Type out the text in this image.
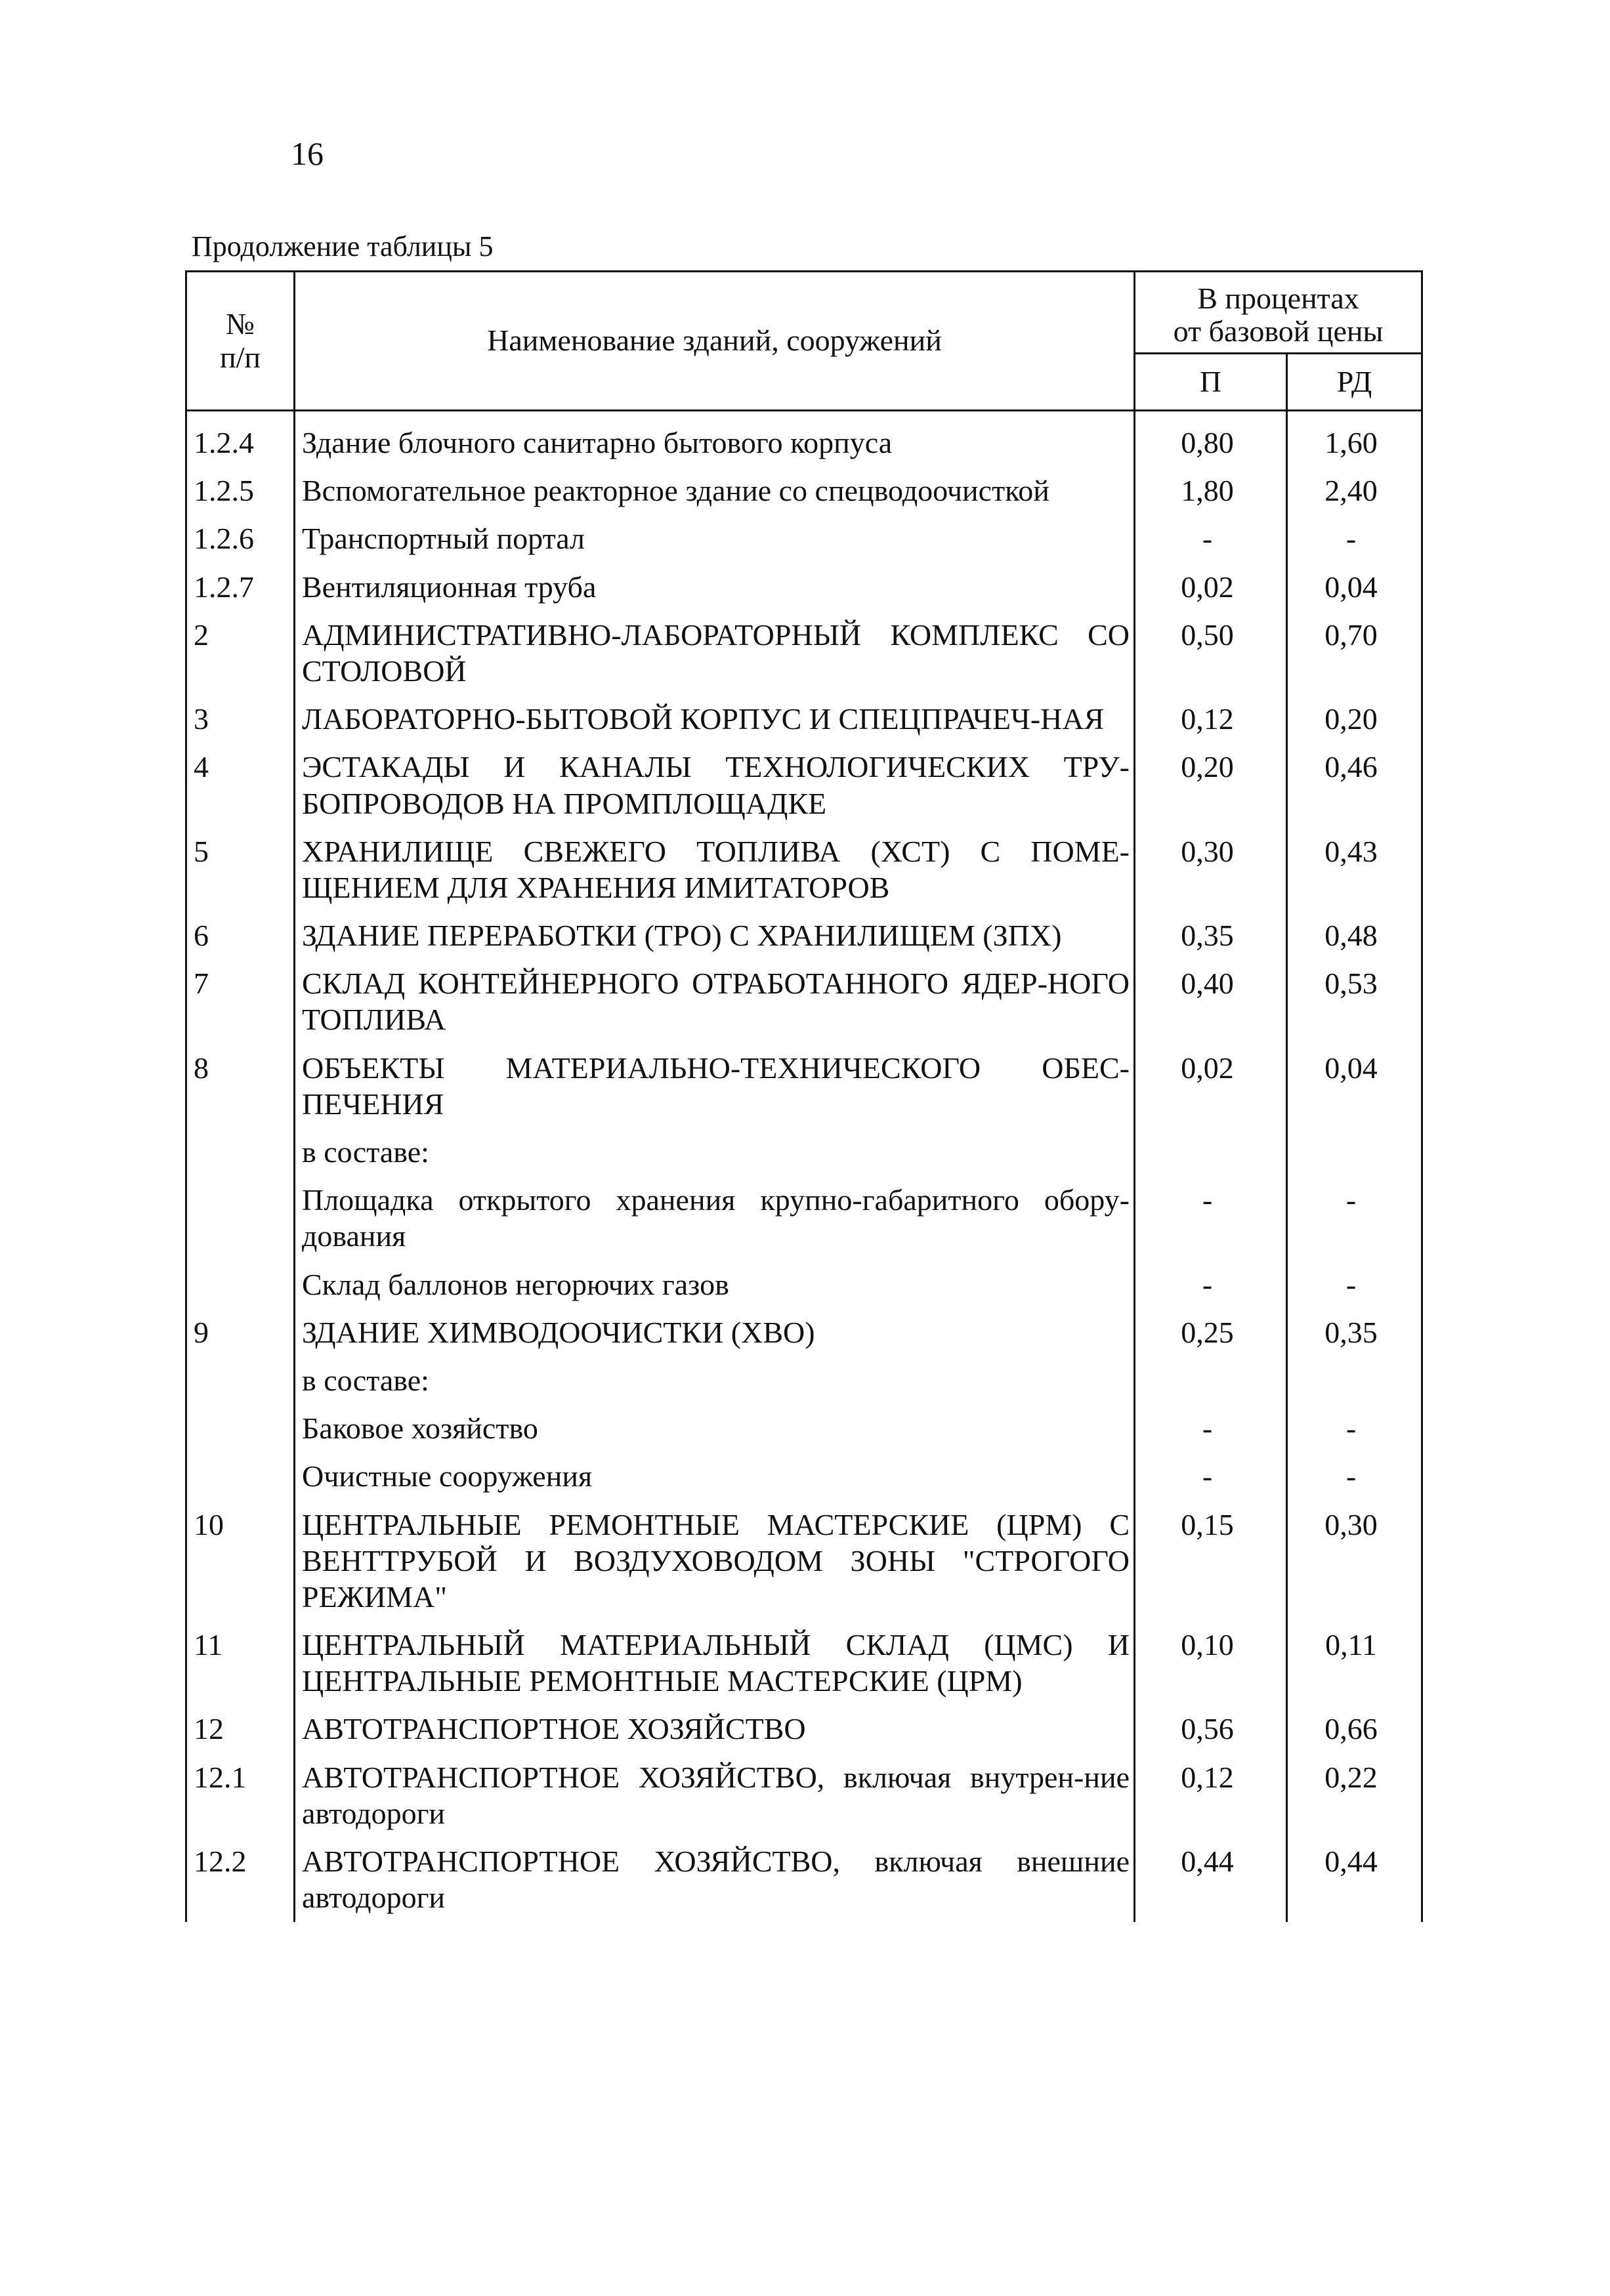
16
Продолжение таблицы 5
№
п/п	Наименование зданий, сооружений	В процентах
от базовой цены	
		П	РД
1.2.4	Здание блочного санитарно бытового корпуса	0,80	1,60
1.2.5	Вспомогательное реакторное здание со спецводоочисткой	1,80	2,40
1.2.6	Транспортный портал	-	-
1.2.7	Вентиляционная труба	0,02	0,04
2	АДМИНИСТРАТИВНО-ЛАБОРАТОРНЫЙ КОМПЛЕКС СО СТОЛОВОЙ	0,50	0,70
3	ЛАБОРАТОРНО-БЫТОВОЙ КОРПУС И СПЕЦПРАЧЕЧ-НАЯ	0,12	0,20
4	ЭСТАКАДЫ И КАНАЛЫ ТЕХНОЛОГИЧЕСКИХ ТРУ-БОПРОВОДОВ НА ПРОМПЛОЩАДКЕ	0,20	0,46
5	ХРАНИЛИЩЕ СВЕЖЕГО ТОПЛИВА (ХСТ) С ПОМЕ-ЩЕНИЕМ ДЛЯ ХРАНЕНИЯ ИМИТАТОРОВ	0,30	0,43
6	ЗДАНИЕ ПЕРЕРАБОТКИ (ТРО) С ХРАНИЛИЩЕМ (ЗПХ)	0,35	0,48
7	СКЛАД КОНТЕЙНЕРНОГО ОТРАБОТАННОГО ЯДЕР-НОГО ТОПЛИВА	0,40	0,53
8	ОБЪЕКТЫ МАТЕРИАЛЬНО-ТЕХНИЧЕСКОГО ОБЕС-ПЕЧЕНИЯ	0,02	0,04
	в составе:		
	Площадка открытого хранения крупно-габаритного обору-дования	-	-
	Склад баллонов негорючих газов	-	-
9	ЗДАНИЕ ХИМВОДООЧИСТКИ (ХВО)	0,25	0,35
	в составе:		
	Баковое хозяйство	-	-
	Очистные сооружения	-	-
10	ЦЕНТРАЛЬНЫЕ РЕМОНТНЫЕ МАСТЕРСКИЕ (ЦРМ) С ВЕНТТРУБОЙ И ВОЗДУХОВОДОМ ЗОНЫ "СТРОГОГО РЕЖИМА"	0,15	0,30
11	ЦЕНТРАЛЬНЫЙ МАТЕРИАЛЬНЫЙ СКЛАД (ЦМС) И ЦЕНТРАЛЬНЫЕ РЕМОНТНЫЕ МАСТЕРСКИЕ (ЦРМ)	0,10	0,11
12	АВТОТРАНСПОРТНОЕ ХОЗЯЙСТВО	0,56	0,66
12.1	АВТОТРАНСПОРТНОЕ ХОЗЯЙСТВО, включая внутрен-ние автодороги	0,12	0,22
12.2	АВТОТРАНСПОРТНОЕ ХОЗЯЙСТВО, включая внешние автодороги	0,44	0,44
